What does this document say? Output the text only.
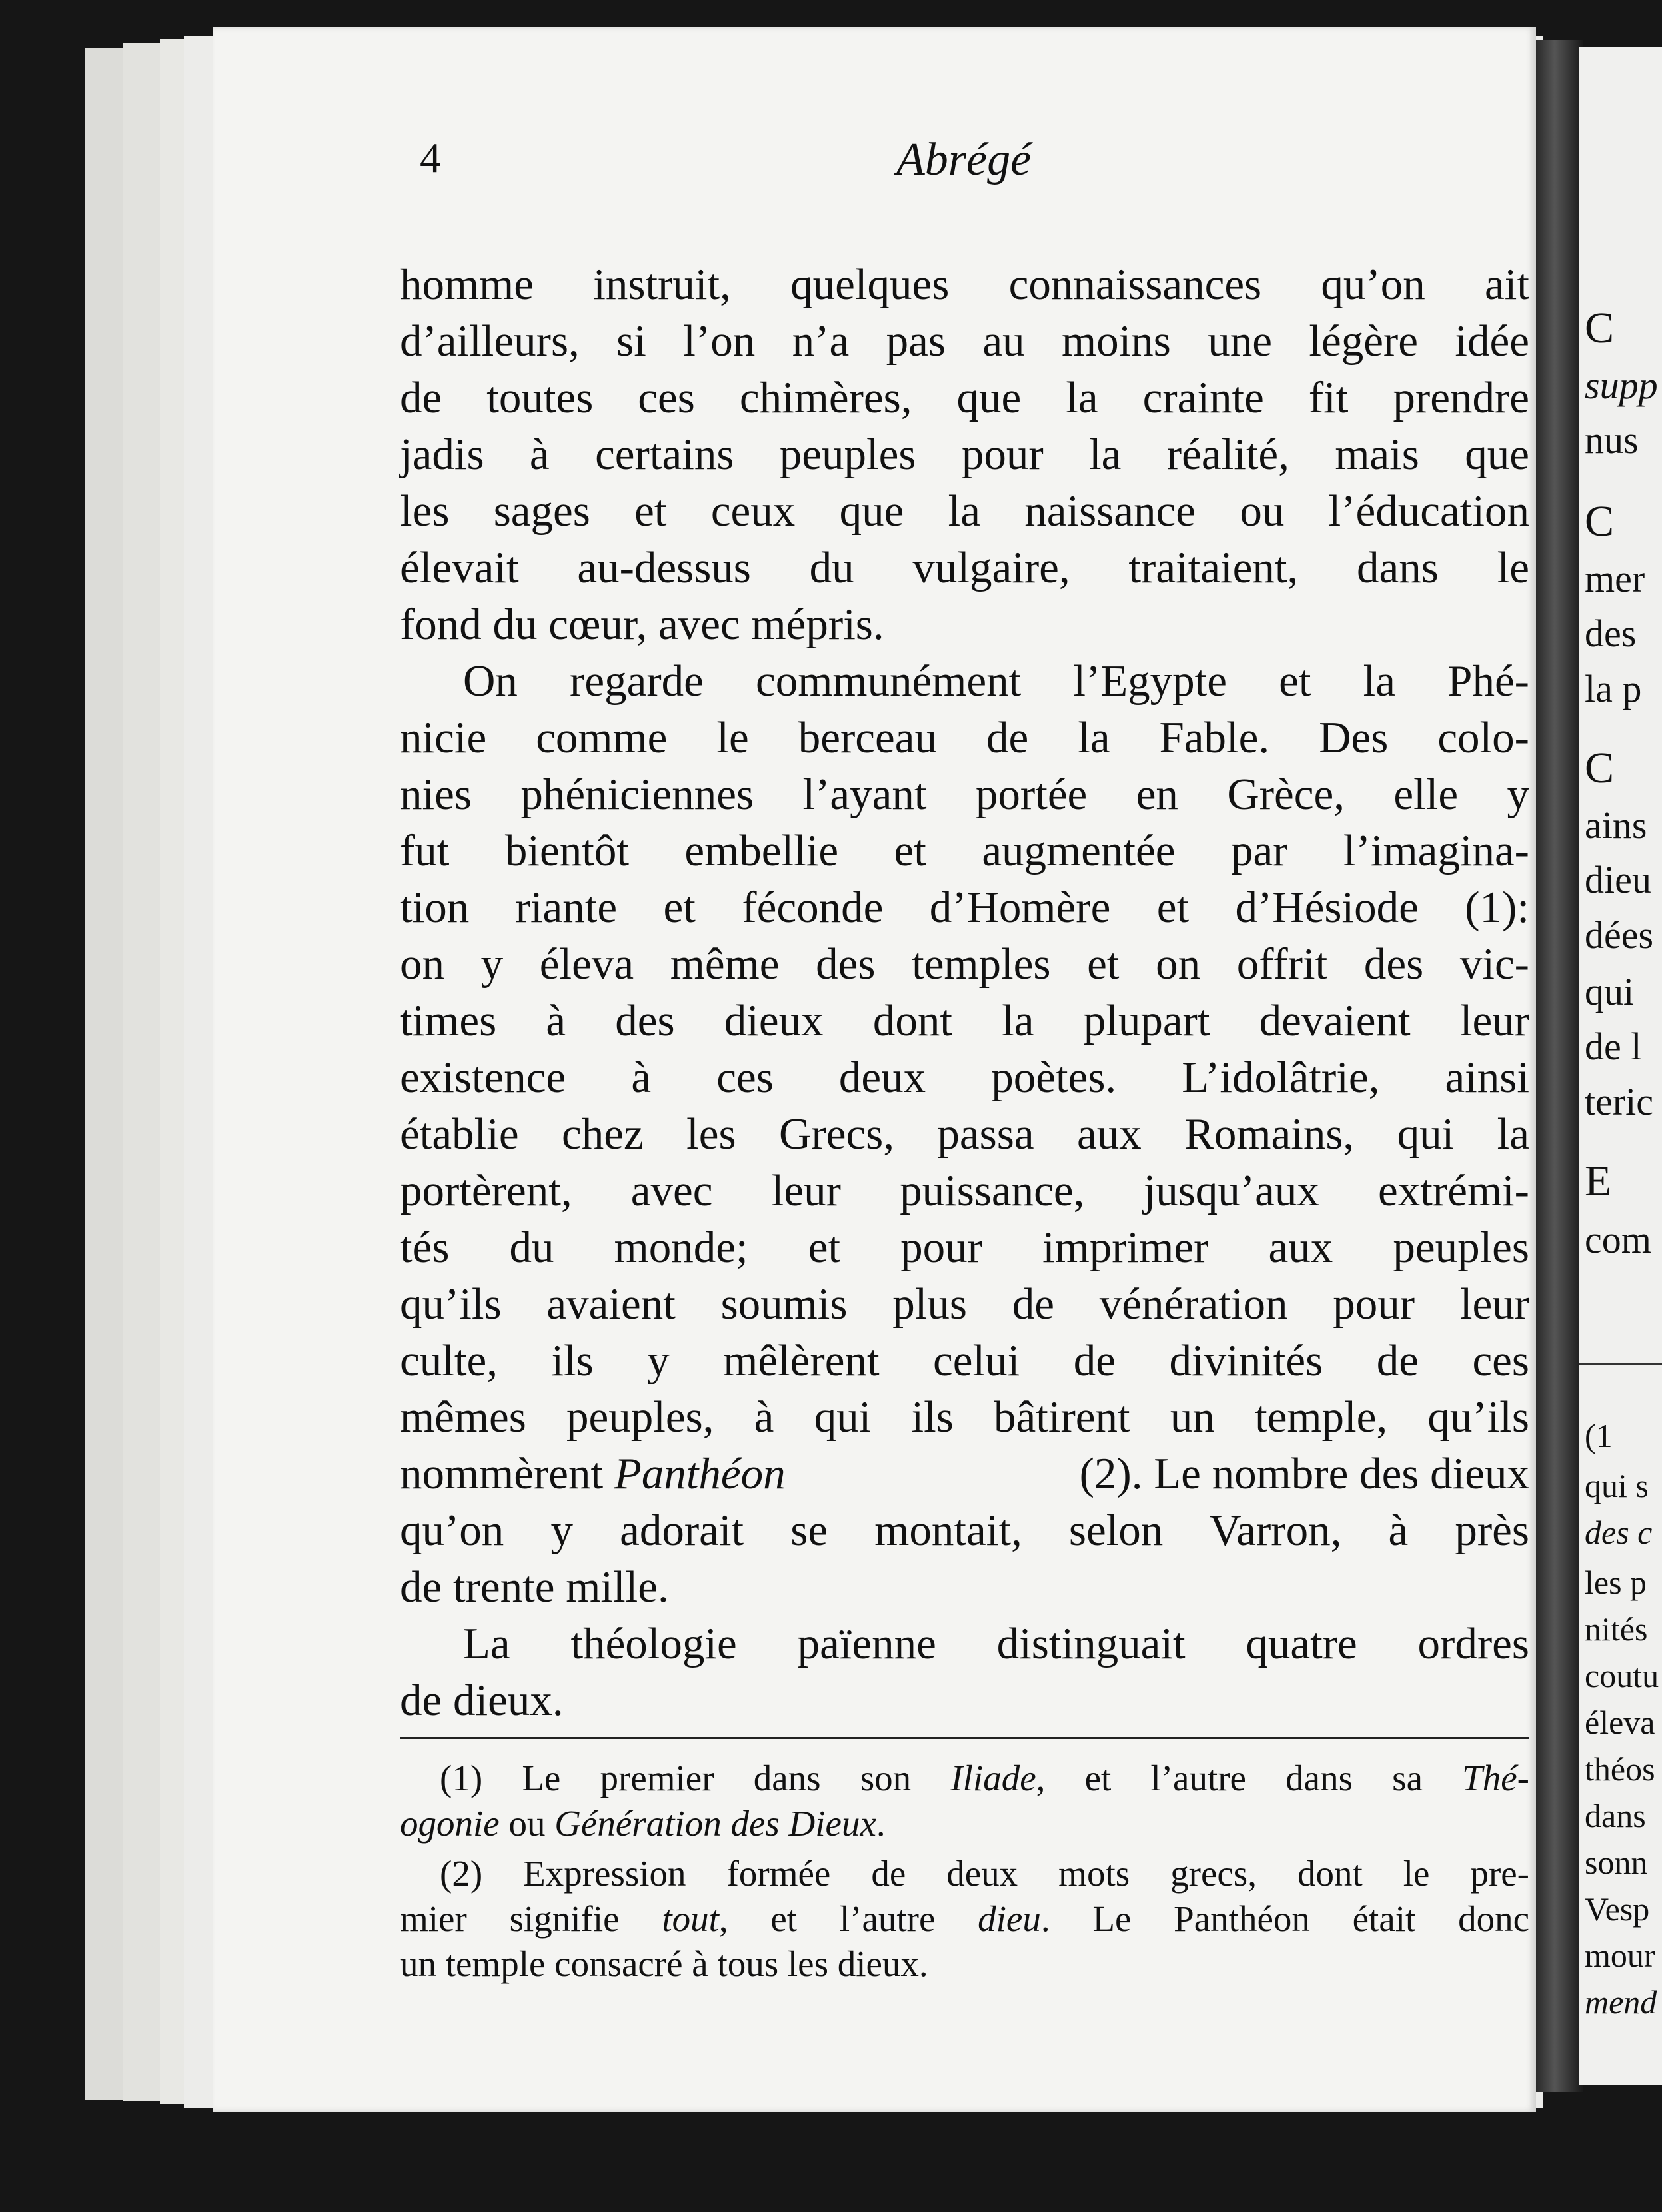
4	Abrégé
homme instruit, quelques connaissances qu’on ait
d’ailleurs, si l’on n’a pas au moins une légère idée
de toutes ces chimères, que la crainte fit prendre
jadis à certains peuples pour la réalité, mais que
les sages et ceux que la naissance ou l’éducation
élevait au-dessus du vulgaire, traitaient, dans le
fond du cœur, avec mépris.
On regarde communément l’Egypte et la Phé-
nicie comme le berceau de la Fable. Des colo-
nies phéniciennes l’ayant portée en Grèce, elle y
fut bientôt embellie et augmentée par l’imagina-
tion riante et féconde d’Homère et d’Hésiode (1):
on y éleva même des temples et on offrit des vic-
times à des dieux dont la plupart devaient leur
existence à ces deux poètes. L’idolâtrie, ainsi
établie chez les Grecs, passa aux Romains, qui la
portèrent, avec leur puissance, jusqu’aux extrémi-
tés du monde; et pour imprimer aux peuples
qu’ils avaient soumis plus de vénération pour leur
culte, ils y mêlèrent celui de divinités de ces
mêmes peuples, à qui ils bâtirent un temple, qu’ils
nommèrent Panthéon	(2). Le nombre des dieux
qu’on y adorait se montait, selon Varron, à près
de trente mille.
La théologie païenne distinguait quatre ordres
de dieux.
(1) Le premier dans son Iliade, et l’autre dans sa Thé-
ogonie ou Génération des Dieux.
(2) Expression formée de deux mots grecs, dont le pre-
mier signifie tout, et l’autre dieu. Le Panthéon était donc
un temple consacré à tous les dieux.
C
supp
nus
C
mer
des
la p
C
ains
dieu
dées
qui
de l
teric
E
com
(1
qui s
des c
les p
nités
coutu
éleva
théos
dans
sonn
Vesp
mour
mend
